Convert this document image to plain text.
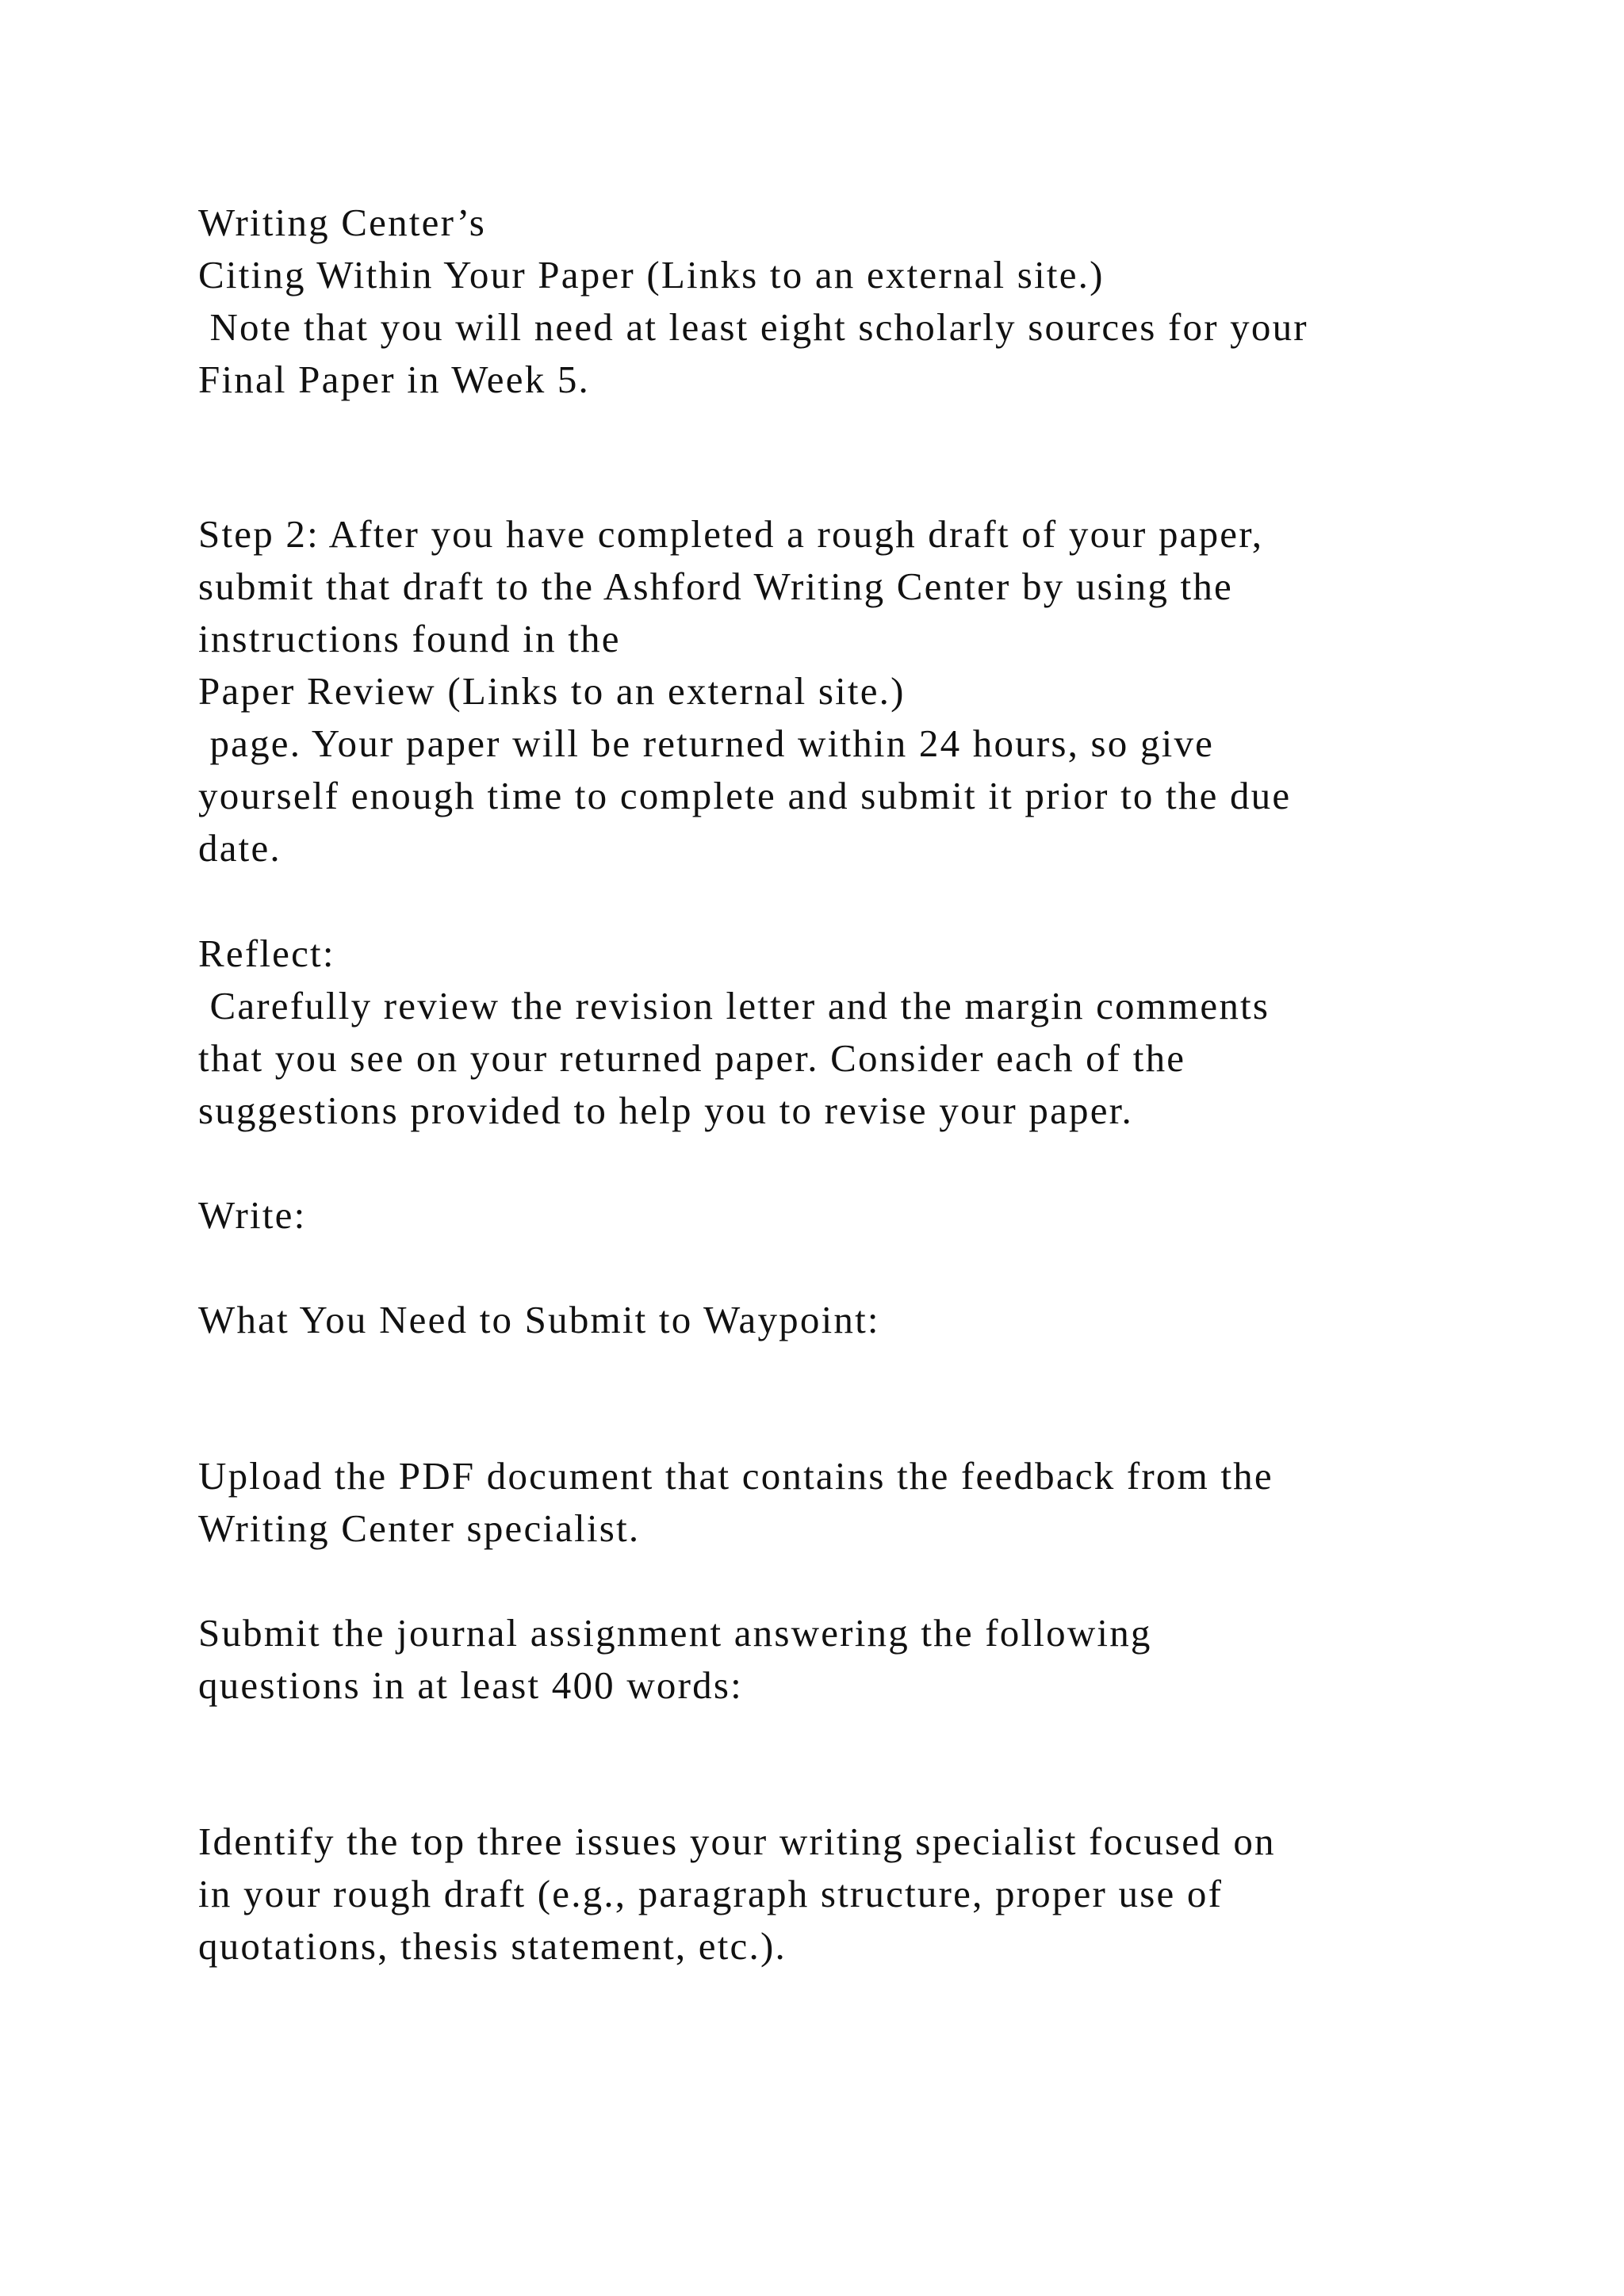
Writing Center’s

Citing Within Your Paper (Links to an external site.)

Note that you will need at least eight scholarly sources for your

Final Paper in Week 5.

Step 2: After you have completed a rough draft of your paper,

submit that draft to the Ashford Writing Center by using the

instructions found in the

Paper Review (Links to an external site.)

page. Your paper will be returned within 24 hours, so give

yourself enough time to complete and submit it prior to the due

date.

Reflect:

Carefully review the revision letter and the margin comments

that you see on your returned paper. Consider each of the

suggestions provided to help you to revise your paper.

Write:

What You Need to Submit to Waypoint:

Upload the PDF document that contains the feedback from the

Writing Center specialist.

Submit the journal assignment answering the following

questions in at least 400 words:

Identify the top three issues your writing specialist focused on

in your rough draft (e.g., paragraph structure, proper use of

quotations, thesis statement, etc.).
